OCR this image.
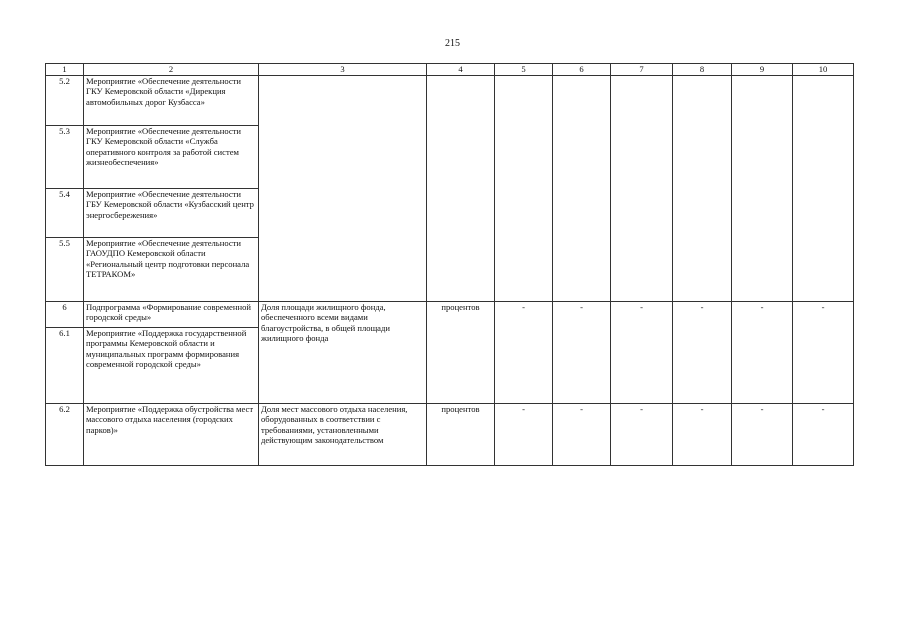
215
1	2	3	4	5	6	7	8	9	10
5.2	Мероприятие «Обеспечение деятельности ГКУ Кемеровской области «Дирекция автомобильных дорог Кузбасса»								
5.3	Мероприятие «Обеспечение деятельности ГКУ Кемеровской области «Служба оперативного контроля за работой систем жизнеобеспечения»								
5.4	Мероприятие «Обеспечение деятельности ГБУ Кемеровской области «Кузбасский центр энергосбережения»								
5.5	Мероприятие «Обеспечение деятельности ГАОУДПО Кемеровской области «Региональный центр подготовки персонала ТЕТРАКОМ»								
6	Подпрограмма «Формирование современной городской среды»	Доля площади жилищного фонда, обеспеченного всеми видами благоустройства, в общей площади жилищного фонда	процентов	-	-	-	-	-	-
6.1	Мероприятие «Поддержка государственной программы Кемеровской области и муниципальных программ формирования современной городской среды»								
6.2	Мероприятие «Поддержка обустройства мест массового отдыха населения (городских парков)»	Доля мест массового отдыха населения, оборудованных в соответствии с требованиями, установленными действующим законодательством	процентов	-	-	-	-	-	-
